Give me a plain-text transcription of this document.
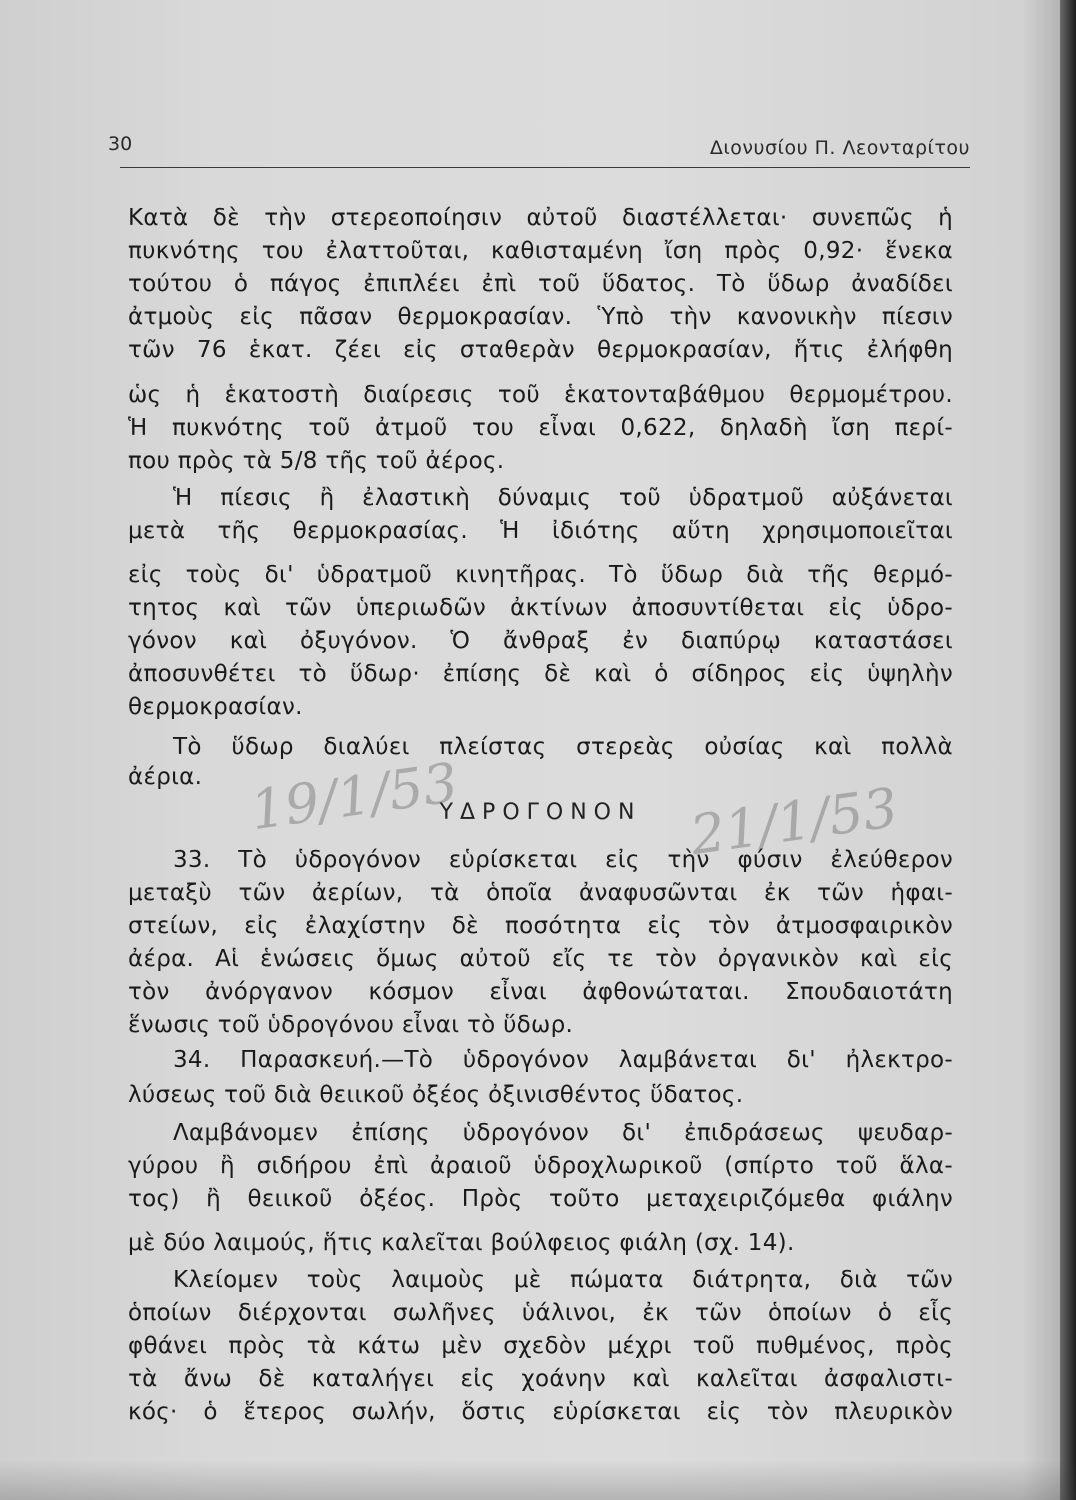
30	Διονυσίου Π. Λεονταρίτου
19/1/53	21/1/53
Κατὰ δὲ τὴν στερεοποίησιν αὐτοῦ διαστέλλεται· συνεπῶς ἡ
πυκνότης του ἐλαττοῦται, καθισταμένη ἴση πρὸς 0,92· ἕνεκα
τούτου ὁ πάγος ἐπιπλέει ἐπὶ τοῦ ὕδατος. Τὸ ὕδωρ ἀναδίδει
ἀτμοὺς εἰς πᾶσαν θερμοκρασίαν. Ὑπὸ τὴν κανονικὴν πίεσιν
τῶν 76 ἑκατ. ζέει εἰς σταθερὰν θερμοκρασίαν, ἥτις ἐλήφθη
ὡς ἡ ἑκατοστὴ διαίρεσις τοῦ ἑκατονταβάθμου θερμομέτρου.
Ἡ πυκνότης τοῦ ἀτμοῦ του εἶναι 0,622, δηλαδὴ ἴση περί-
που πρὸς τὰ 5/8 τῆς τοῦ ἀέρος.
Ἡ πίεσις ἢ ἐλαστικὴ δύναμις τοῦ ὑδρατμοῦ αὐξάνεται
μετὰ τῆς θερμοκρασίας. Ἡ ἰδιότης αὕτη χρησιμοποιεῖται
εἰς τοὺς δι' ὑδρατμοῦ κινητῆρας. Τὸ ὕδωρ διὰ τῆς θερμό-
τητος καὶ τῶν ὑπεριωδῶν ἀκτίνων ἀποσυντίθεται εἰς ὑδρο-
γόνον καὶ ὀξυγόνον. Ὁ ἄνθραξ ἐν διαπύρῳ καταστάσει
ἀποσυνθέτει τὸ ὕδωρ· ἐπίσης δὲ καὶ ὁ σίδηρος εἰς ὑψηλὴν
θερμοκρασίαν.
Τὸ ὕδωρ διαλύει πλείστας στερεὰς οὐσίας καὶ πολλὰ
ἀέρια.
ΥΔΡΟΓΟΝΟΝ
33. Τὸ ὑδρογόνον εὑρίσκεται εἰς τὴν φύσιν ἐλεύθερον
μεταξὺ τῶν ἀερίων, τὰ ὁποῖα ἀναφυσῶνται ἐκ τῶν ἡφαι-
στείων, εἰς ἐλαχίστην δὲ ποσότητα εἰς τὸν ἀτμοσφαιρικὸν
ἀέρα. Αἱ ἑνώσεις ὅμως αὐτοῦ εἴς τε τὸν ὀργανικὸν καὶ εἰς
τὸν ἀνόργανον κόσμον εἶναι ἀφθονώταται. Σπουδαιοτάτη
ἕνωσις τοῦ ὑδρογόνου εἶναι τὸ ὕδωρ.
34. Παρασκευή.—Τὸ ὑδρογόνον λαμβάνεται δι' ἠλεκτρο-
λύσεως τοῦ διὰ θειικοῦ ὀξέος ὀξινισθέντος ὕδατος.
Λαμβάνομεν ἐπίσης ὑδρογόνον δι' ἐπιδράσεως ψευδαρ-
γύρου ἢ σιδήρου ἐπὶ ἀραιοῦ ὑδροχλωρικοῦ (σπίρτο τοῦ ἅλα-
τος) ἢ θειικοῦ ὀξέος. Πρὸς τοῦτο μεταχειριζόμεθα φιάλην
μὲ δύο λαιμούς, ἥτις καλεῖται βούλφειος φιάλη (σχ. 14).
Κλείομεν τοὺς λαιμοὺς μὲ πώματα διάτρητα, διὰ τῶν
ὁποίων διέρχονται σωλῆνες ὑάλινοι, ἐκ τῶν ὁποίων ὁ εἷς
φθάνει πρὸς τὰ κάτω μὲν σχεδὸν μέχρι τοῦ πυθμένος, πρὸς
τὰ ἄνω δὲ καταλήγει εἰς χοάνην καὶ καλεῖται ἀσφαλιστι-
κός· ὁ ἕτερος σωλήν, ὅστις εὑρίσκεται εἰς τὸν πλευρικὸν
